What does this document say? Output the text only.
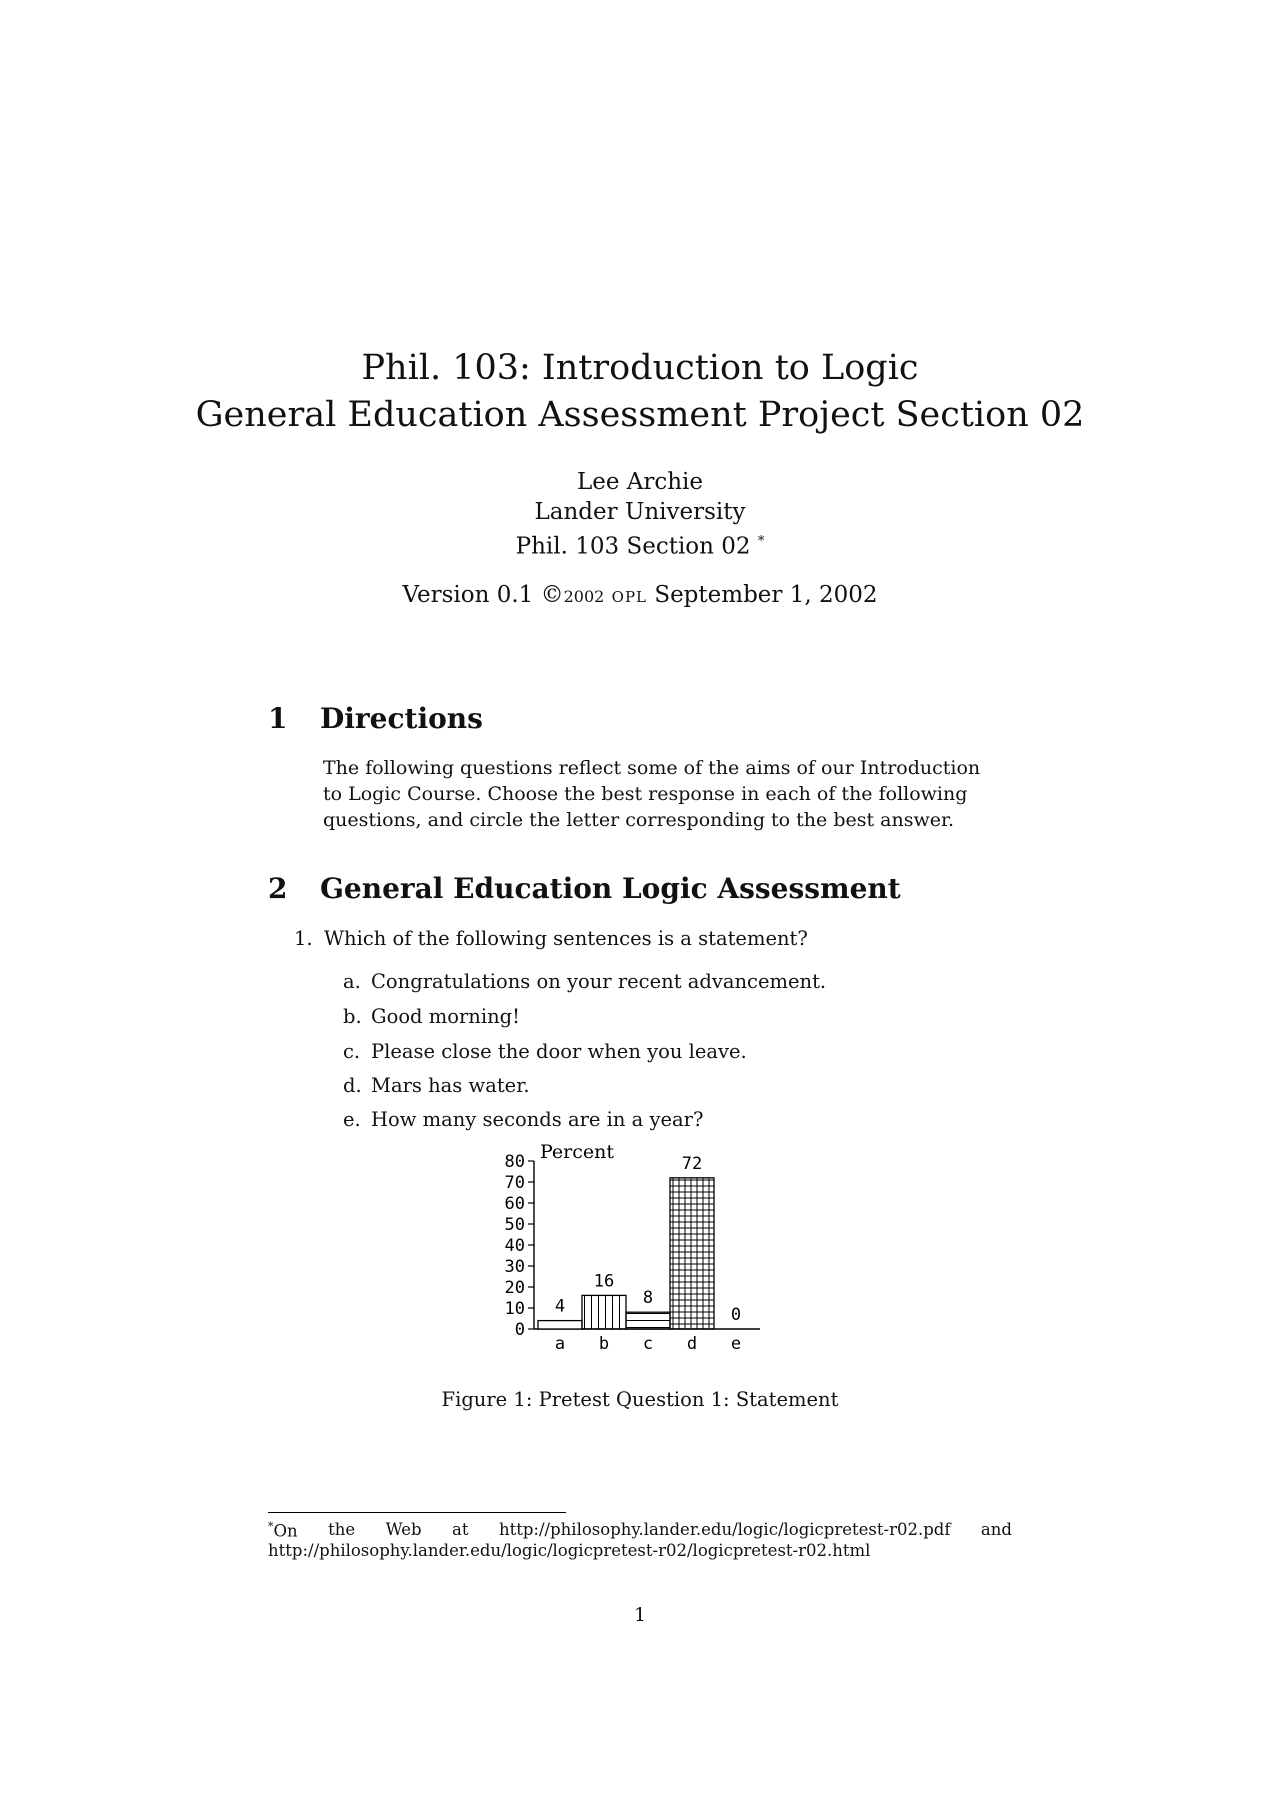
Phil. 103: Introduction to Logic
General Education Assessment Project Section 02
Lee Archie
Lander University
Phil. 103 Section 02 *
Version 0.1 ©2002 OPL September 1, 2002
1 Directions
The following questions reflect some of the aims of our Introduction
to Logic Course. Choose the best response in each of the following
questions, and circle the letter corresponding to the best answer.
2 General Education Logic Assessment
1. Which of the following sentences is a statement?
a. Congratulations on your recent advancement.
b. Good morning!
c. Please close the door when you leave.
d. Mars has water.
e. How many seconds are in a year?
Percent
0
10
20
30
40
50
60
70
80
4
a
16
b
8
c
72
d
0
e
Figure 1: Pretest Question 1: Statement
*On the Web at http://philosophy.lander.edu/logic/logicpretest-r02.pdf and
http://philosophy.lander.edu/logic/logicpretest-r02/logicpretest-r02.html
1
